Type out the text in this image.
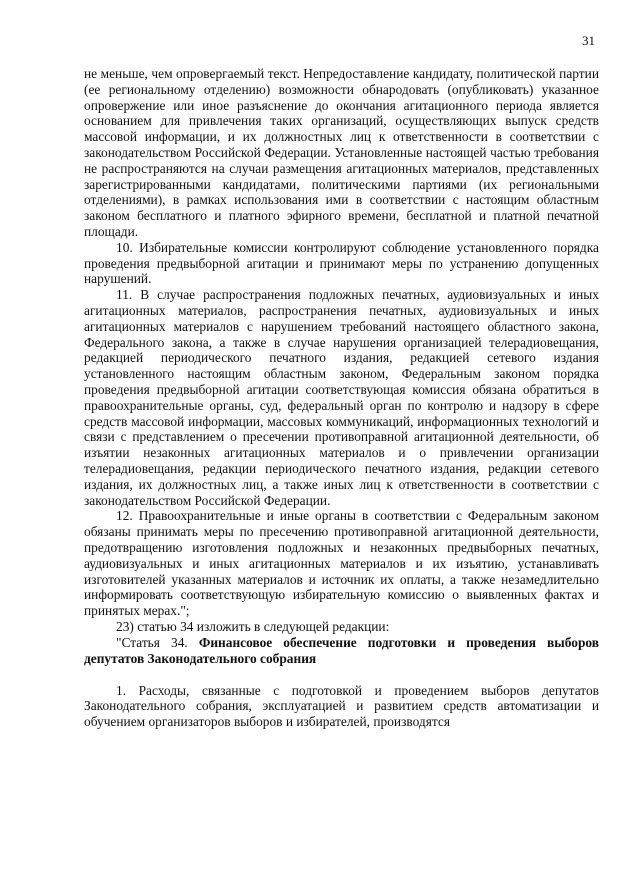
31

не меньше, чем опровергаемый текст. Непредоставление кандидату, политической партии (ее региональному отделению) возможности обнародовать (опубликовать) указанное опровержение или иное разъяснение до окончания агитационного периода является основанием для привлечения таких организаций, осуществляющих выпуск средств массовой информации, и их должностных лиц к ответственности в соответствии с законодательством Российской Федерации. Установленные настоящей частью требования не распространяются на случаи размещения агитационных материалов, представленных зарегистрированными кандидатами, политическими партиями (их региональными отделениями), в рамках использования ими в соответствии с настоящим областным законом бесплатного и платного эфирного времени, бесплатной и платной печатной площади.

10. Избирательные комиссии контролируют соблюдение установленного порядка проведения предвыборной агитации и принимают меры по устранению допущенных нарушений.

11. В случае распространения подложных печатных, аудиовизуальных и иных агитационных материалов, распространения печатных, аудиовизуальных и иных агитационных материалов с нарушением требований настоящего областного закона, Федерального закона, а также в случае нарушения организацией телерадиовещания, редакцией периодического печатного издания, редакцией сетевого издания установленного настоящим областным законом, Федеральным законом порядка проведения предвыборной агитации соответствующая комиссия обязана обратиться в правоохранительные органы, суд, федеральный орган по контролю и надзору в сфере средств массовой информации, массовых коммуникаций, информационных технологий и связи с представлением о пресечении противоправной агитационной деятельности, об изъятии незаконных агитационных материалов и о привлечении организации телерадиовещания, редакции периодического печатного издания, редакции сетевого издания, их должностных лиц, а также иных лиц к ответственности в соответствии с законодательством Российской Федерации.

12. Правоохранительные и иные органы в соответствии с Федеральным законом обязаны принимать меры по пресечению противоправной агитационной деятельности, предотвращению изготовления подложных и незаконных предвыборных печатных, аудиовизуальных и иных агитационных материалов и их изъятию, устанавливать изготовителей указанных материалов и источник их оплаты, а также незамедлительно информировать соответствующую избирательную комиссию о выявленных фактах и принятых мерах.";

23) статью 34 изложить в следующей редакции:

"Статья 34. Финансовое обеспечение подготовки и проведения выборов депутатов Законодательного собрания

1. Расходы, связанные с подготовкой и проведением выборов депутатов Законодательного собрания, эксплуатацией и развитием средств автоматизации и обучением организаторов выборов и избирателей, производятся
